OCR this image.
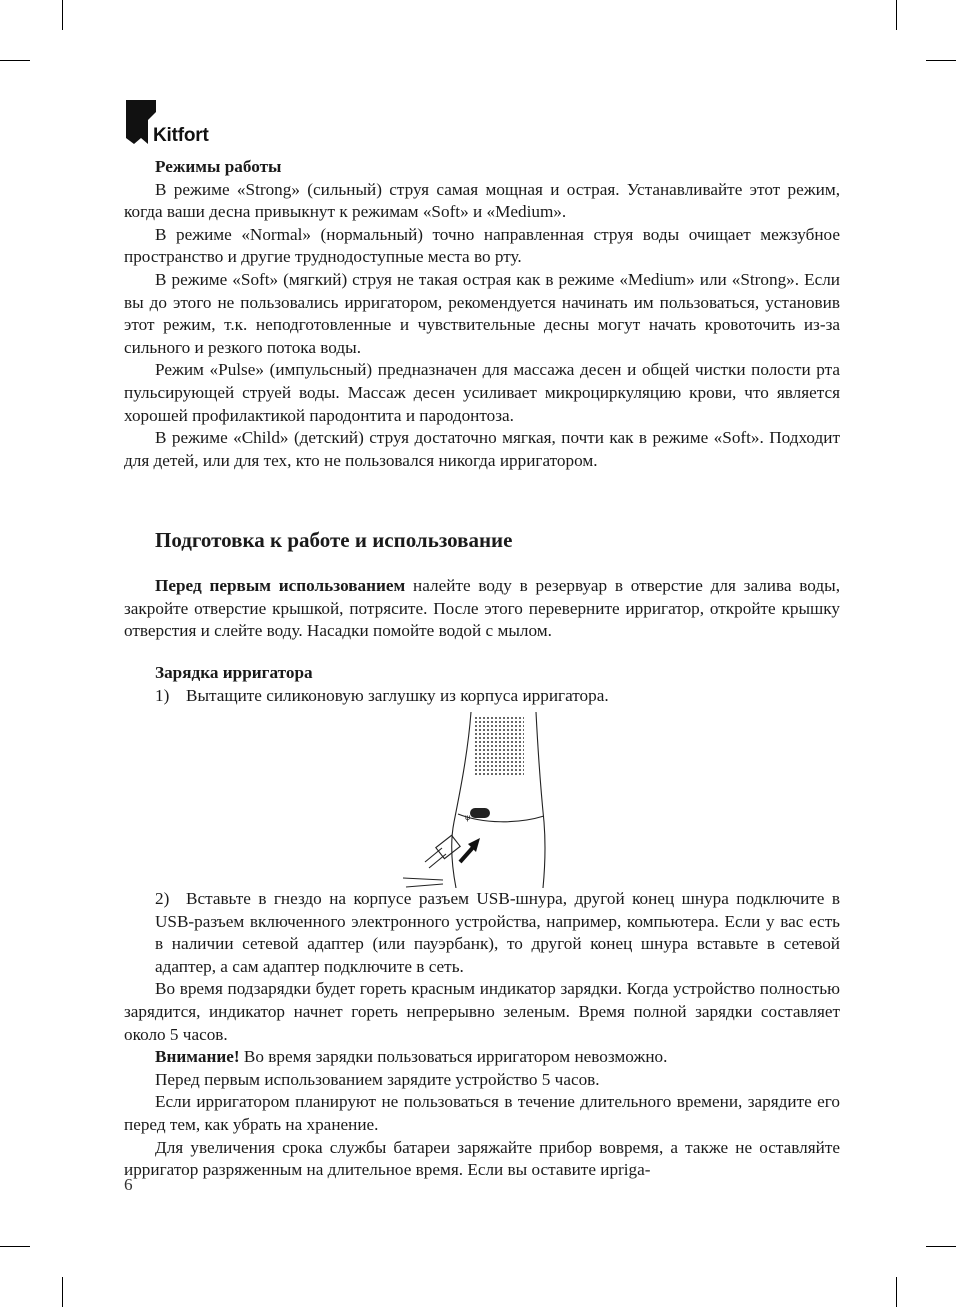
Kitfort

Режимы работы

В режиме «Strong» (сильный) струя самая мощная и острая. Устанавливайте этот режим, когда ваши десна привыкнут к режимам «Soft» и «Medium».

В режиме «Normal» (нормальный) точно направленная струя воды очищает межзубное пространство и другие труднодоступные места во рту.

В режиме «Soft» (мягкий) струя не такая острая как в режиме «Medium» или «Strong». Если вы до этого не пользовались ирригатором, рекомендуется начинать им пользоваться, установив этот режим, т.к. неподготовленные и чувствительные десны могут начать кровоточить из-за сильного и резкого потока воды.

Режим «Pulse» (импульсный) предназначен для массажа десен и общей чистки полости рта пульсирующей струей воды. Массаж десен усиливает микроциркуляцию крови, что является хорошей профилактикой пародонтита и пародонтоза.

В режиме «Child» (детский) струя достаточно мягкая, почти как в режиме «Soft». Подходит для детей, или для тех, кто не пользовался никогда ирригатором.

Подготовка к работе и использование

Перед первым использованием налейте воду в резервуар в отверстие для залива воды, закройте отверстие крышкой, потрясите. После этого переверните ирригатор, откройте крышку отверстия и слейте воду. Насадки помойте водой с мылом.

Зарядка ирригатора

1) Вытащите силиконовую заглушку из корпуса ирригатора.

ψ

2) Вставьте в гнездо на корпусе разъем USB-шнура, другой конец шнура подключите в USB-разъем включенного электронного устройства, например, компьютера. Если у вас есть в наличии сетевой адаптер (или пауэрбанк), то другой конец шнура вставьте в сетевой адаптер, а сам адаптер подключите в сеть.

Во время подзарядки будет гореть красным индикатор зарядки. Когда устройство полностью зарядится, индикатор начнет гореть непрерывно зеленым. Время полной зарядки составляет около 5 часов.

Внимание! Во время зарядки пользоваться ирригатором невозможно.

Перед первым использованием зарядите устройство 5 часов.

Если ирригатором планируют не пользоваться в течение длительного времени, зарядите его перед тем, как убрать на хранение.

Для увеличения срока службы батареи заряжайте прибор вовремя, а также не оставляйте ирригатор разряженным на длительное время. Если вы оставите ирriga-

6
